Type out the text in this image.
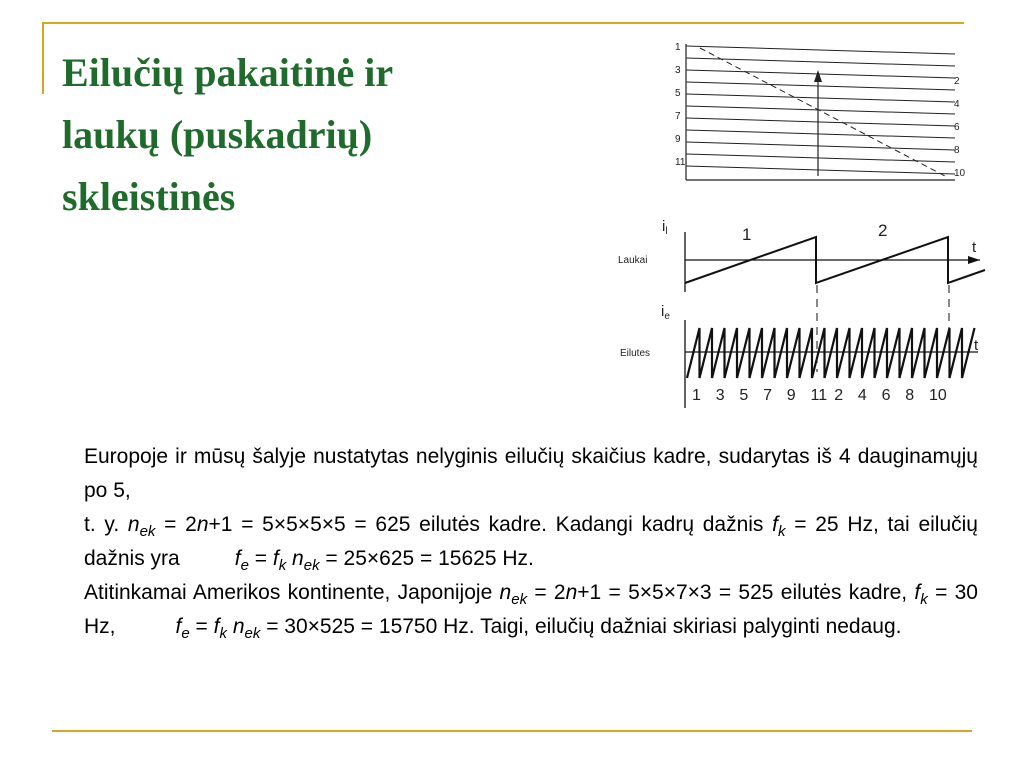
Eilučių pakaitinė ir
laukų (puskadrių)
skleistinės
1
3
5
7
9
11
2
4
6
8
10
$i_l$
Laukai
1	2
t
$i_e$
Eilutes	t
1 3 5 7 9 11 2 4 6 8 10

Europoje ir mūsų šalyje nustatytas nelyginis eilučių skaičius kadre, sudarytas iš 4 dauginamųjų po 5,

t. y. $n_{ek} = 2n+1 = 5\times 5\times 5\times 5 = 625$ eilutės kadre. Kadangi kadrų dažnis $f_k = 25$ Hz, tai eilučių dažnis yra	$f_e = f_k$ $n_{ek} = 25\times 625 = 15625$ Hz.

Atitinkamai Amerikos kontinente, Japonijoje $n_{ek} = 2n+1 = 5\times 5\times 7\times 3 = 525$ eilutės kadre, $f_k = 30$ Hz,	$f_e = f_k$ $n_{ek} = 30\times 525 = 15750$ Hz. Taigi, eilučių dažniai skiriasi palyginti nedaug.
